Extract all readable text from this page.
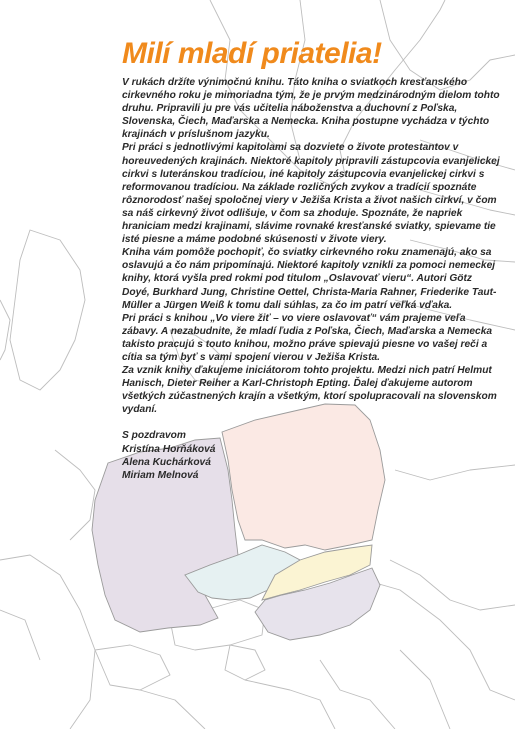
Milí mladí priatelia!

V rukách držíte výnimočnú knihu. Táto kniha o sviatkoch kresťanského cirkevného roku je mimoriadna tým, že je prvým medzinárodným dielom tohto druhu. Pripravili ju pre vás učitelia náboženstva a duchovní z Poľska, Slovenska, Čiech, Maďarska a Nemecka. Kniha postupne vychádza v týchto krajinách v príslušnom jazyku.

Pri práci s jednotlivými kapitolami sa dozviete o živote protestantov v horeuvedených krajinách. Niektoré kapitoly pripravili zástupcovia evanjelickej cirkvi s luteránskou tradíciou, iné kapitoly zástupcovia evanjelickej cirkvi s reformovanou tradíciou. Na základe rozličných zvykov a tradícií spoznáte rôznorodosť našej spoločnej viery v Ježiša Krista a život našich cirkví, v čom sa náš cirkevný život odlišuje, v čom sa zhoduje. Spoznáte, že napriek hraniciam medzi krajinami, slávime rovnaké kresťanské sviatky, spievame tie isté piesne a máme podobné skúsenosti v živote viery.

Kniha vám pomôže pochopiť, čo sviatky cirkevného roku znamenajú, ako sa oslavujú a čo nám pripomínajú. Niektoré kapitoly vznikli za pomoci nemeckej knihy, ktorá vyšla pred rokmi pod titulom „Oslavovať vieru“. Autori Götz Doyé, Burkhard Jung, Christine Oettel, Christa-Maria Rahner, Friederike Taut-Müller a Jürgen Weiß k tomu dali súhlas, za čo im patrí veľká vďaka.

Pri práci s knihou „Vo viere žiť – vo viere oslavovať“ vám prajeme veľa zábavy. A nezabudnite, že mladí ľudia z Poľska, Čiech, Maďarska a Nemecka takisto pracujú s touto knihou, možno práve spievajú piesne vo vašej reči a cítia sa tým byť s vami spojení vierou v Ježiša Krista.

Za vznik knihy ďakujeme iniciátorom tohto projektu. Medzi nich patrí Helmut Hanisch, Dieter Reiher a Karl-Christoph Epting. Ďalej ďakujeme autorom všetkých zúčastnených krajín a všetkým, ktorí spolupracovali na slovenskom vydaní.

S pozdravom

Kristína Horňáková

Alena Kuchárková

Miriam Melnová
